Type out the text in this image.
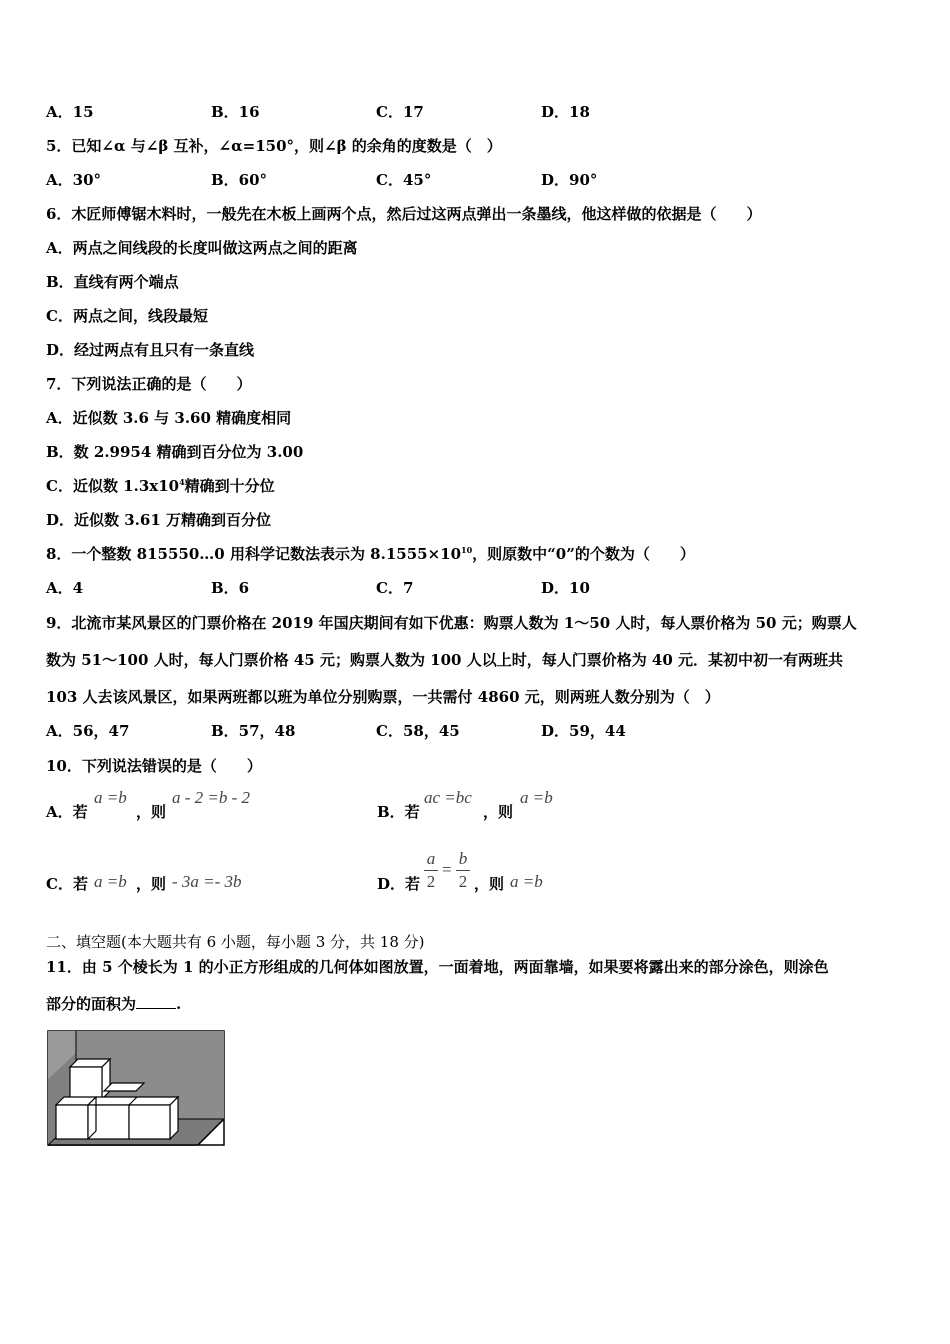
A．15	B．16	C．17	D．18
5．已知∠α 与∠β 互补，∠α=150°，则∠β 的余角的度数是（　）
A．30°	B．60°	C．45°	D．90°
6．木匠师傅锯木料时，一般先在木板上画两个点，然后过这两点弹出一条墨线，他这样做的依据是（　　）
A．两点之间线段的长度叫做这两点之间的距离
B．直线有两个端点
C．两点之间，线段最短
D．经过两点有且只有一条直线
7．下列说法正确的是（　　）
A．近似数 3.6 与 3.60 精确度相同
B．数 2.9954 精确到百分位为 3.00
C．近似数 $1.3x10^4$精确到十分位
D．近似数 3.61 万精确到百分位
8．一个整数 815550…0 用科学记数法表示为 $8.1555\times 10^{10}$，则原数中“0”的个数为（　　）
A．4	B．6	C．7	D．10
9．北流市某风景区的门票价格在 2019 年国庆期间有如下优惠：购票人数为 1～50 人时，每人票价格为 50 元；购票人
数为 51～100 人时，每人门票价格 45 元；购票人数为 100 人以上时，每人门票价格为 40 元．某初中初一有两班共
103 人去该风景区，如果两班都以班为单位分别购票，一共需付 4860 元，则两班人数分别为（　）
A．56，47	B．57，48	C．58，45	D．59，44
10．下列说法错误的是（　　）
A．若
a =b
，则
a - 2 =b - 2
B．若
ac =bc
，则
a =b
C．若 a =b ，则 - 3a =- 3b	D．若
a
2
=
b
2 ，则 a =b
二、填空题(本大题共有 6 小题，每小题 3 分，共 18 分)
11．由 5 个棱长为 1 的小正方形组成的几何体如图放置，一面着地，两面靠墙，如果要将露出来的部分涂色，则涂色
部分的面积为	.
